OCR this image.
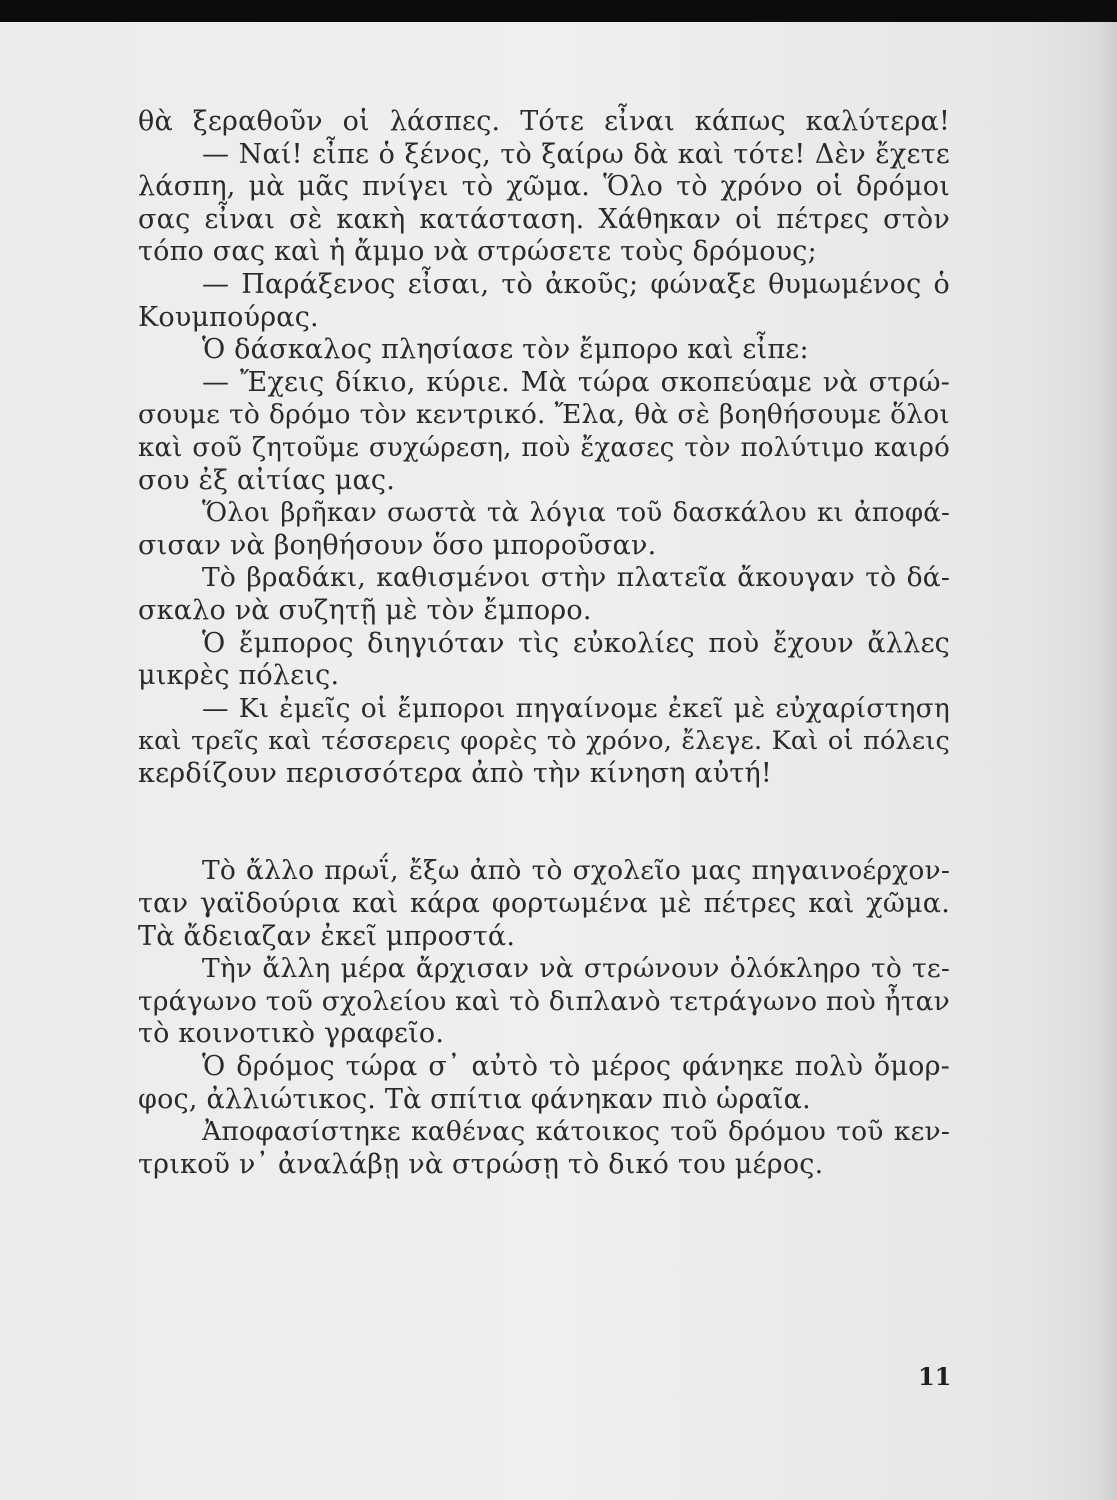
θὰ ξεραθοῦν οἱ λάσπες. Τότε εἶναι κάπως καλύτερα!
— Ναί! εἶπε ὁ ξένος, τὸ ξαίρω δὰ καὶ τότε! Δὲν ἔχετε
λάσπη, μὰ μᾶς πνίγει τὸ χῶμα. Ὅλο τὸ χρόνο οἱ δρόμοι
σας εἶναι σὲ κακὴ κατάσταση. Χάθηκαν οἱ πέτρες στὸν
τόπο σας καὶ ἡ ἄμμο νὰ στρώσετε τοὺς δρόμους;
— Παράξενος εἶσαι, τὸ ἀκοῦς; φώναξε θυμωμένος ὁ
Κουμπούρας.
Ὁ δάσκαλος πλησίασε τὸν ἔμπορο καὶ εἶπε:
— Ἔχεις δίκιο, κύριε. Μὰ τώρα σκοπεύαμε νὰ στρώ-
σουμε τὸ δρόμο τὸν κεντρικό. Ἔλα, θὰ σὲ βοηθήσουμε ὅλοι
καὶ σοῦ ζητοῦμε συχώρεση, ποὺ ἔχασες τὸν πολύτιμο καιρό
σου ἐξ αἰτίας μας.
Ὅλοι βρῆκαν σωστὰ τὰ λόγια τοῦ δασκάλου κι ἀποφά-
σισαν νὰ βοηθήσουν ὅσο μποροῦσαν.
Τὸ βραδάκι, καθισμένοι στὴν πλατεῖα ἄκουγαν τὸ δά-
σκαλο νὰ συζητῇ μὲ τὸν ἔμπορο.
Ὁ ἔμπορος διηγιόταν τὶς εὐκολίες ποὺ ἔχουν ἄλλες
μικρὲς πόλεις.
— Κι ἐμεῖς οἱ ἔμποροι πηγαίνομε ἐκεῖ μὲ εὐχαρίστηση
καὶ τρεῖς καὶ τέσσερεις φορὲς τὸ χρόνο, ἔλεγε. Καὶ οἱ πόλεις
κερδίζουν περισσότερα ἀπὸ τὴν κίνηση αὐτή!
Τὸ ἄλλο πρωΐ, ἔξω ἀπὸ τὸ σχολεῖο μας πηγαινοέρχον-
ταν γαϊδούρια καὶ κάρα φορτωμένα μὲ πέτρες καὶ χῶμα.
Τὰ ἄδειαζαν ἐκεῖ μπροστά.
Τὴν ἄλλη μέρα ἄρχισαν νὰ στρώνουν ὁλόκληρο τὸ τε-
τράγωνο τοῦ σχολείου καὶ τὸ διπλανὸ τετράγωνο ποὺ ἦταν
τὸ κοινοτικὸ γραφεῖο.
Ὁ δρόμος τώρα σ᾽ αὐτὸ τὸ μέρος φάνηκε πολὺ ὄμορ-
φος, ἀλλιώτικος. Τὰ σπίτια φάνηκαν πιὸ ὡραῖα.
Ἀποφασίστηκε καθένας κάτοικος τοῦ δρόμου τοῦ κεν-
τρικοῦ ν᾽ ἀναλάβῃ νὰ στρώσῃ τὸ δικό του μέρος.
11
